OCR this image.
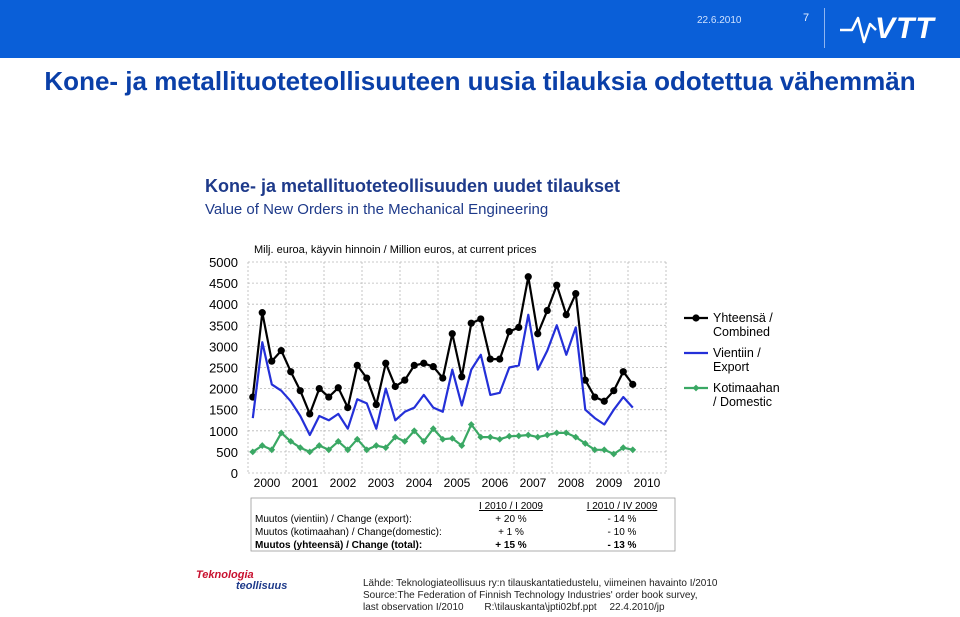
22.6.2010	7 VTT
Kone- ja metallituoteteollisuuteen uusia tilauksia odotettua vähemmän
Kone- ja metallituoteteollisuuden uudet tilaukset
Value of New Orders in the Mechanical Engineering
Milj. euroa, käyvin hinnoin / Million euros, at current prices
0
500
1000
1500
2000
2500
3000
3500
4000
4500
5000
2000 2001 2002 2003 2004 2005 2006 2007 2008 2009 2010
Yhteensä /
Combined
Vientiin /
Export
Kotimaahan
/ Domestic
I 2010 / I 2009	I 2010 / IV 2009
Muutos (vientiin) / Change (export):	+ 20 %	- 14 %
Muutos (kotimaahan) / Change(domestic):	+ 1 %	- 10 %
Muutos (yhteensä) / Change (total):	+ 15 %	- 13 %
Teknologia
teollisuus	Lähde: Teknologiateollisuus ry:n tilauskantatiedustelu, viimeinen havainto I/2010
Source:The Federation of Finnish Technology Industries' order book survey,
last observation I/2010 R:\tilauskanta\jpti02bf.ppt 22.4.2010/jp
